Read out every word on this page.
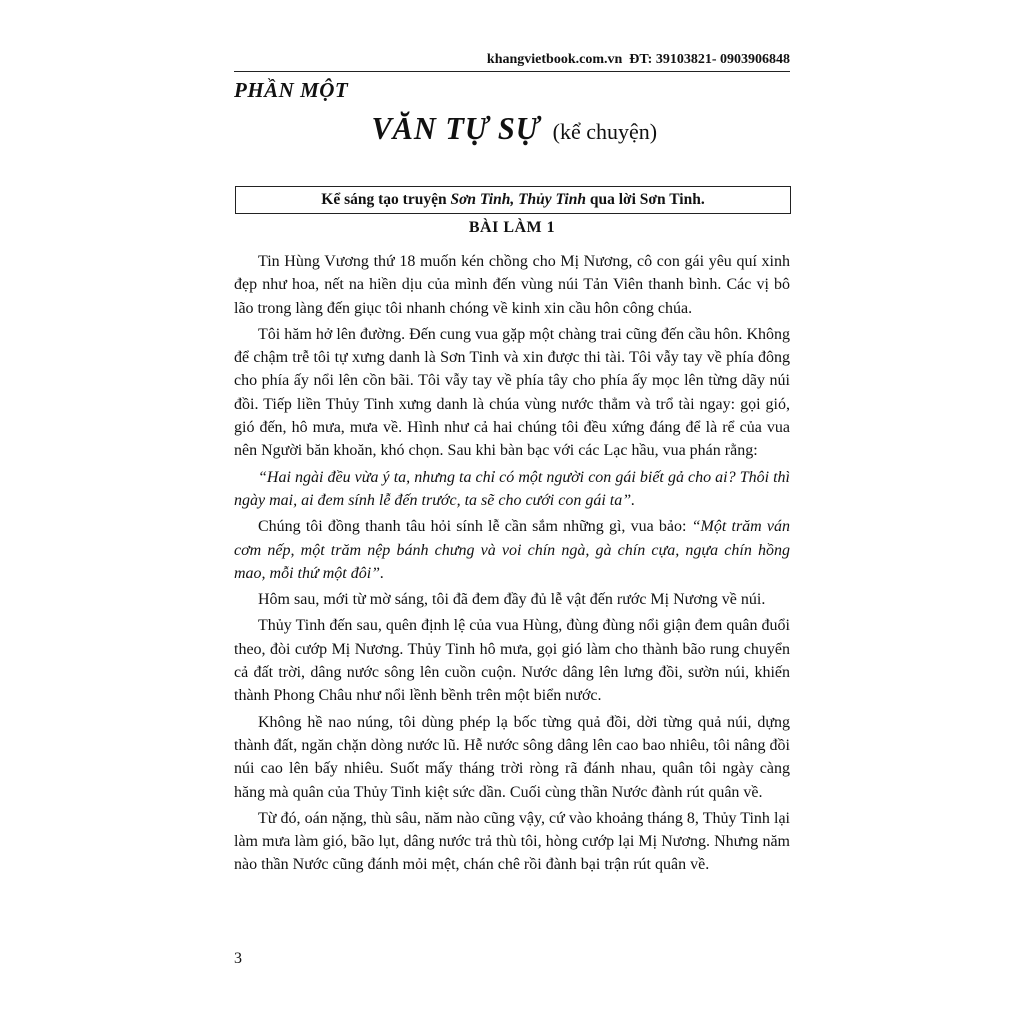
khangvietbook.com.vn ĐT: 39103821- 0903906848
PHẦN MỘT
VĂN TỰ SỰ (kể chuyện)
Kể sáng tạo truyện Sơn Tinh, Thủy Tinh qua lời Sơn Tinh.
BÀI LÀM 1

Tin Hùng Vương thứ 18 muốn kén chồng cho Mị Nương, cô con gái yêu quí xinh đẹp như hoa, nết na hiền dịu của mình đến vùng núi Tản Viên thanh bình. Các vị bô lão trong làng đến giục tôi nhanh chóng về kinh xin cầu hôn công chúa.

Tôi hăm hở lên đường. Đến cung vua gặp một chàng trai cũng đến cầu hôn. Không để chậm trễ tôi tự xưng danh là Sơn Tinh và xin được thi tài. Tôi vẫy tay về phía đông cho phía ấy nổi lên cồn bãi. Tôi vẫy tay về phía tây cho phía ấy mọc lên từng dãy núi đồi. Tiếp liền Thủy Tinh xưng danh là chúa vùng nước thẳm và trổ tài ngay: gọi gió, gió đến, hô mưa, mưa về. Hình như cả hai chúng tôi đều xứng đáng để là rể của vua nên Người băn khoăn, khó chọn. Sau khi bàn bạc với các Lạc hầu, vua phán rằng:

“Hai ngài đều vừa ý ta, nhưng ta chỉ có một người con gái biết gả cho ai? Thôi thì ngày mai, ai đem sính lễ đến trước, ta sẽ cho cưới con gái ta”.

Chúng tôi đồng thanh tâu hỏi sính lễ cần sắm những gì, vua bảo: “Một trăm ván cơm nếp, một trăm nệp bánh chưng và voi chín ngà, gà chín cựa, ngựa chín hồng mao, mỗi thứ một đôi”.

Hôm sau, mới từ mờ sáng, tôi đã đem đầy đủ lễ vật đến rước Mị Nương về núi.

Thủy Tinh đến sau, quên định lệ của vua Hùng, đùng đùng nổi giận đem quân đuổi theo, đòi cướp Mị Nương. Thủy Tinh hô mưa, gọi gió làm cho thành bão rung chuyển cả đất trời, dâng nước sông lên cuồn cuộn. Nước dâng lên lưng đồi, sườn núi, khiến thành Phong Châu như nổi lềnh bềnh trên một biển nước.

Không hề nao núng, tôi dùng phép lạ bốc từng quả đồi, dời từng quả núi, dựng thành đất, ngăn chặn dòng nước lũ. Hễ nước sông dâng lên cao bao nhiêu, tôi nâng đồi núi cao lên bấy nhiêu. Suốt mấy tháng trời ròng rã đánh nhau, quân tôi ngày càng hăng mà quân của Thủy Tinh kiệt sức dần. Cuối cùng thần Nước đành rút quân về.

Từ đó, oán nặng, thù sâu, năm nào cũng vậy, cứ vào khoảng tháng 8, Thủy Tinh lại làm mưa làm gió, bão lụt, dâng nước trả thù tôi, hòng cướp lại Mị Nương. Nhưng năm nào thần Nước cũng đánh mỏi mệt, chán chê rồi đành bại trận rút quân về.

3
